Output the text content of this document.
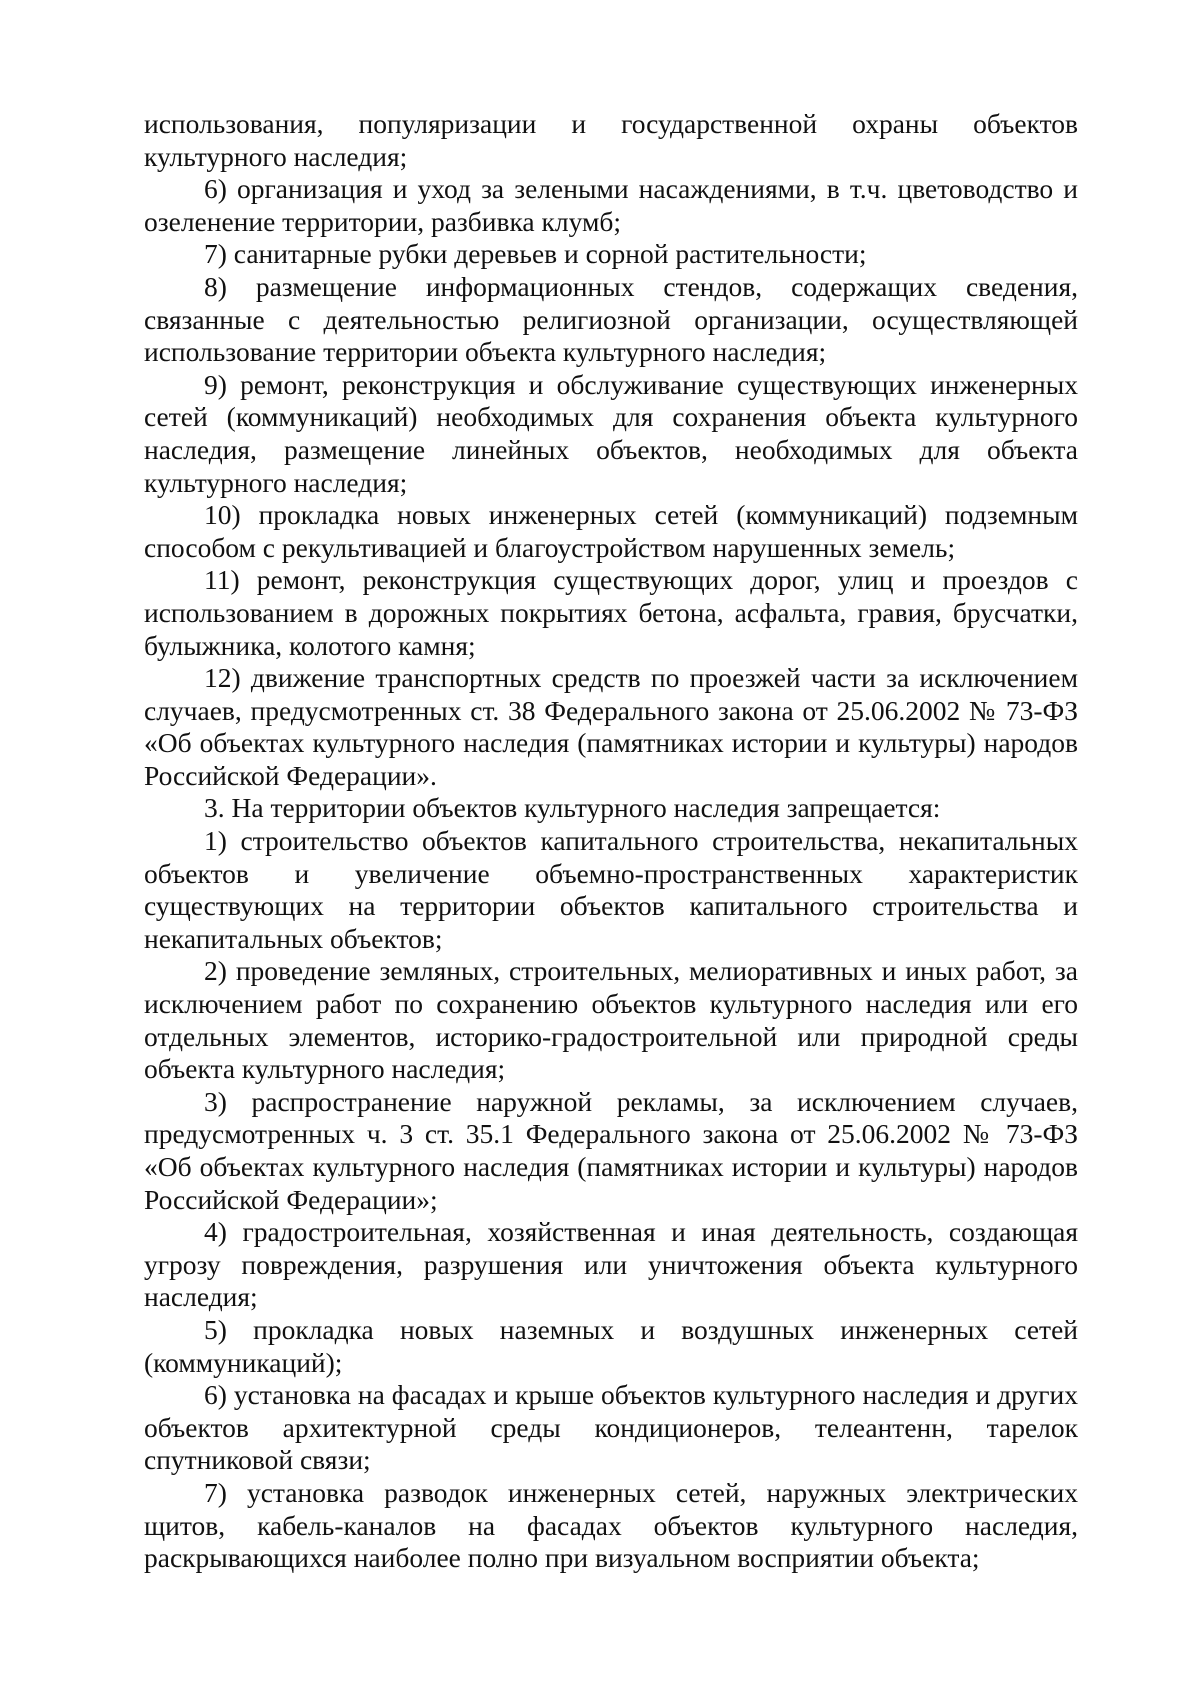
использования, популяризации и государственной охраны объектов культурного наследия;

6) организация и уход за зелеными насаждениями, в т.ч. цветоводство и озеленение территории, разбивка клумб;

7) санитарные рубки деревьев и сорной растительности;

8) размещение информационных стендов, содержащих сведения, связанные с деятельностью религиозной организации, осуществляющей использование территории объекта культурного наследия;

9) ремонт, реконструкция и обслуживание существующих инженерных сетей (коммуникаций) необходимых для сохранения объекта культурного наследия, размещение линейных объектов, необходимых для объекта культурного наследия;

10) прокладка новых инженерных сетей (коммуникаций) подземным способом с рекультивацией и благоустройством нарушенных земель;

11) ремонт, реконструкция существующих дорог, улиц и проездов с использованием в дорожных покрытиях бетона, асфальта, гравия, брусчатки, булыжника, колотого камня;

12) движение транспортных средств по проезжей части за исключением случаев, предусмотренных ст. 38 Федерального закона от 25.06.2002 № 73-ФЗ «Об объектах культурного наследия (памятниках истории и культуры) народов Российской Федерации».

3. На территории объектов культурного наследия запрещается:

1) строительство объектов капитального строительства, некапитальных объектов и увеличение объемно-пространственных характеристик существующих на территории объектов капитального строительства и некапитальных объектов;

2) проведение земляных, строительных, мелиоративных и иных работ, за исключением работ по сохранению объектов культурного наследия или его отдельных элементов, историко-градостроительной или природной среды объекта культурного наследия;

3) распространение наружной рекламы, за исключением случаев, предусмотренных ч. 3 ст. 35.1 Федерального закона от 25.06.2002 № 73-ФЗ «Об объектах культурного наследия (памятниках истории и культуры) народов Российской Федерации»;

4) градостроительная, хозяйственная и иная деятельность, создающая угрозу повреждения, разрушения или уничтожения объекта культурного наследия;

5) прокладка новых наземных и воздушных инженерных сетей (коммуникаций);

6) установка на фасадах и крыше объектов культурного наследия и других объектов архитектурной среды кондиционеров, телеантенн, тарелок спутниковой связи;

7) установка разводок инженерных сетей, наружных электрических щитов, кабель-каналов на фасадах объектов культурного наследия, раскрывающихся наиболее полно при визуальном восприятии объекта;
